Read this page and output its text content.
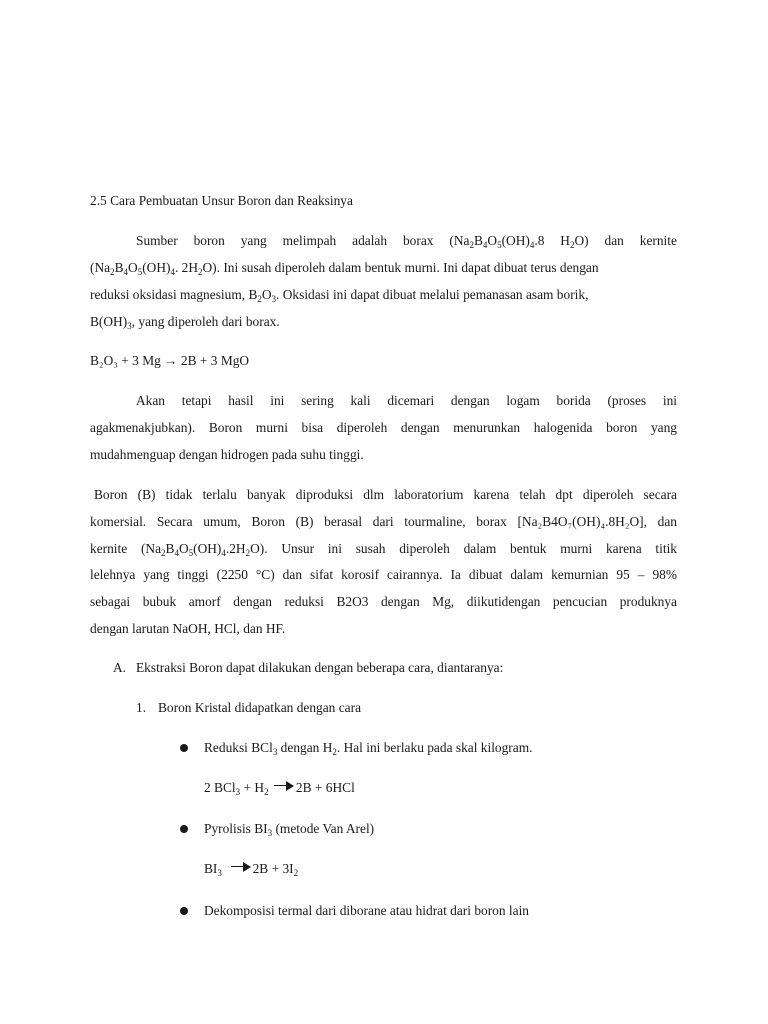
2.5 Cara Pembuatan Unsur Boron dan Reaksinya
Sumber boron yang melimpah adalah borax ($Na_2B_4O_5(OH)_4.8$ $H_2O$) dan kernite
($Na_2B_4O_5(OH)_4$. $2H_2O$). Ini susah diperoleh dalam bentuk murni. Ini dapat dibuat terus dengan
reduksi oksidasi magnesium, $B_2O_3$. Oksidasi ini dapat dibuat melalui pemanasan asam borik,
$B(OH)_3$, yang diperoleh dari borax.
B₂O₃ + 3 Mg → 2B + 3 MgO
Akan tetapi hasil ini sering kali dicemari dengan logam borida (proses ini
agakmenakjubkan). Boron murni bisa diperoleh dengan menurunkan halogenida boron yang
mudahmenguap dengan hidrogen pada suhu tinggi.
Boron (B) tidak terlalu banyak diproduksi dlm laboratorium karena telah dpt diperoleh secara
komersial. Secara umum, Boron (B) berasal dari tourmaline, borax [Na₂B4O₇(OH)₄.8H₂O], dan
kernite $(Na_2B_4O_5(OH)_4.2H_2O)$. Unsur ini susah diperoleh dalam bentuk murni karena titik
lelehnya yang tinggi (2250 °C) dan sifat korosif cairannya. Ia dibuat dalam kemurnian 95 – 98%
sebagai bubuk amorf dengan reduksi B2O3 dengan Mg, diikutidengan pencucian produknya
dengan larutan NaOH, HCl, dan HF.
A. Ekstraksi Boron dapat dilakukan dengan beberapa cara, diantaranya:
1. Boron Kristal didapatkan dengan cara
Reduksi BCl$_3$ dengan $H_2$. Hal ini berlaku pada skal kilogram.
2 $BCl_3 + H_2$ 2B + 6HCl
Pyrolisis $BI_3$ (metode Van Arel)
$BI_3$ $2B + 3I_2$
Dekomposisi termal dari diborane atau hidrat dari boron lain
